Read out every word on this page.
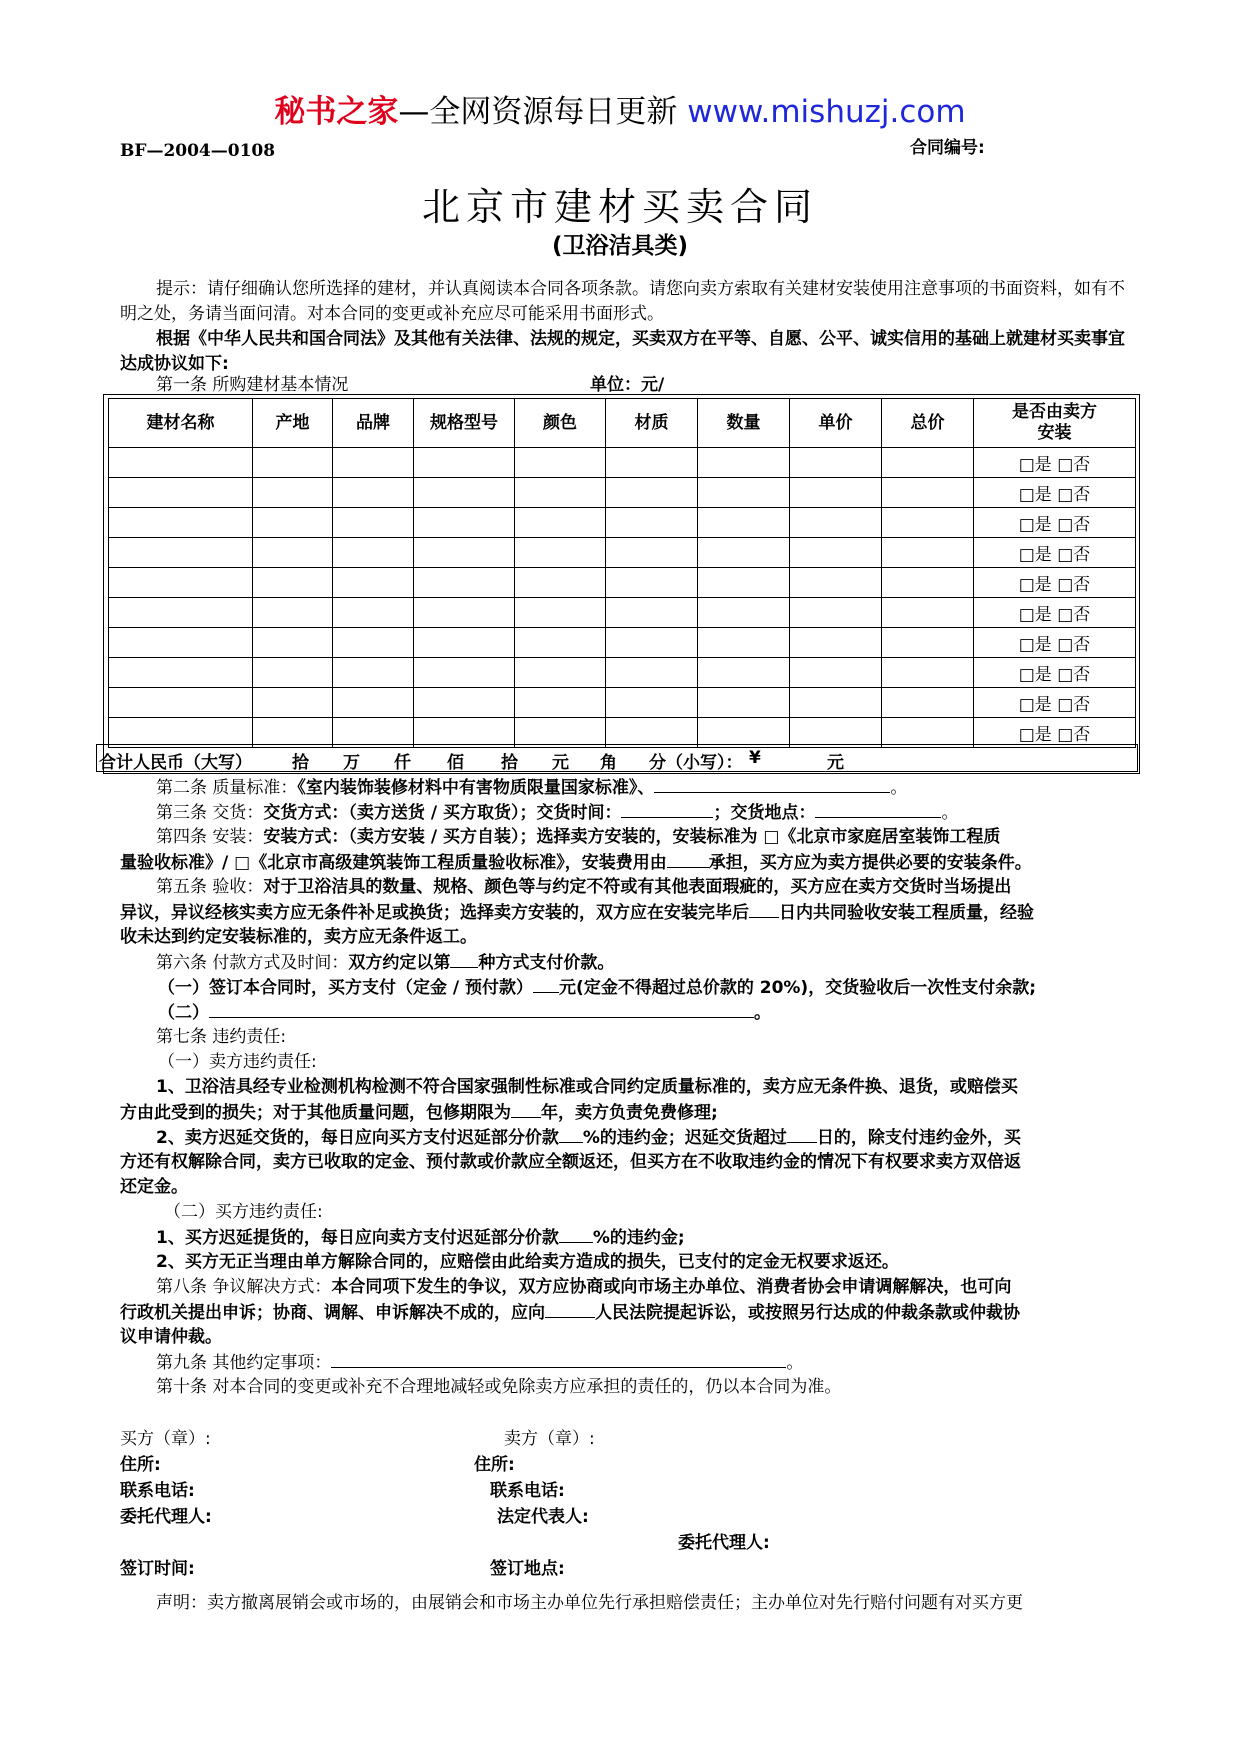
秘书之家—全网资源每日更新 www.mishuzj.com
BF—2004—0108	合同编号:
北京市建材买卖合同
(卫浴洁具类)
提示：请仔细确认您所选择的建材，并认真阅读本合同各项条款。请您向卖方索取有关建材安装使用注意事项的书面资料，如有不明之处，务请当面问清。对本合同的变更或补充应尽可能采用书面形式。
根据《中华人民共和国合同法》及其他有关法律、法规的规定，买卖双方在平等、自愿、公平、诚实信用的基础上就建材买卖事宜达成协议如下:
第一条 所购建材基本情况	单位：元/
建材名称	产地	品牌	规格型号	颜色	材质	数量	单价	总价	是否由卖方安装
									□是 □否
									□是 □否
									□是 □否
									□是 □否
									□是 □否
									□是 □否
									□是 □否
									□是 □否
									□是 □否
									□是 □否
合计人民币（大写） 拾 万 仟 佰 拾 元 角 分（小写）： ¥	元
第二条 质量标准：《室内装饰装修材料中有害物质限量国家标准》、	。
第三条 交货：交货方式：（卖方送货 / 买方取货）；交货时间：	；交货地点：	。
第四条 安装：安装方式：（卖方安装 / 买方自装）；选择卖方安装的，安装标准为 □《北京市家庭居室装饰工程质
量验收标准》/ □《北京市高级建筑装饰工程质量验收标准》，安装费用由 承担，买方应为卖方提供必要的安装条件。
第五条 验收：对于卫浴洁具的数量、规格、颜色等与约定不符或有其他表面瑕疵的，买方应在卖方交货时当场提出
异议，异议经核实卖方应无条件补足或换货；选择卖方安装的，双方应在安装完毕后 日内共同验收安装工程质量，经验
收未达到约定安装标准的，卖方应无条件返工。
第六条 付款方式及时间：双方约定以第 种方式支付价款。
（一）签订本合同时，买方支付（定金 / 预付款） 元(定金不得超过总价款的 20%)，交货验收后一次性支付余款;
（二）	。
第七条 违约责任:
（一）卖方违约责任:
1、卫浴洁具经专业检测机构检测不符合国家强制性标准或合同约定质量标准的，卖方应无条件换、退货，或赔偿买
方由此受到的损失；对于其他质量问题，包修期限为 年，卖方负责免费修理;
2、卖方迟延交货的，每日应向买方支付迟延部分价款 %的违约金；迟延交货超过 日的，除支付违约金外，买
方还有权解除合同，卖方已收取的定金、预付款或价款应全额返还，但买方在不收取违约金的情况下有权要求卖方双倍返
还定金。
（二）买方违约责任:
1、买方迟延提货的，每日应向卖方支付迟延部分价款 %的违约金;
2、买方无正当理由单方解除合同的，应赔偿由此给卖方造成的损失，已支付的定金无权要求返还。
第八条 争议解决方式：本合同项下发生的争议，双方应协商或向市场主办单位、消费者协会申请调解解决，也可向
行政机关提出申诉；协商、调解、申诉解决不成的，应向	人民法院提起诉讼，或按照另行达成的仲裁条款或仲裁协
议申请仲裁。
第九条 其他约定事项：	。
第十条 对本合同的变更或补充不合理地减轻或免除卖方应承担的责任的，仍以本合同为准。
买方（章）:	卖方（章）:
住所:	住所:
联系电话:	联系电话:
委托代理人:	法定代表人:
委托代理人:
签订时间:	签订地点:
声明：卖方撤离展销会或市场的，由展销会和市场主办单位先行承担赔偿责任；主办单位对先行赔付问题有对买方更
